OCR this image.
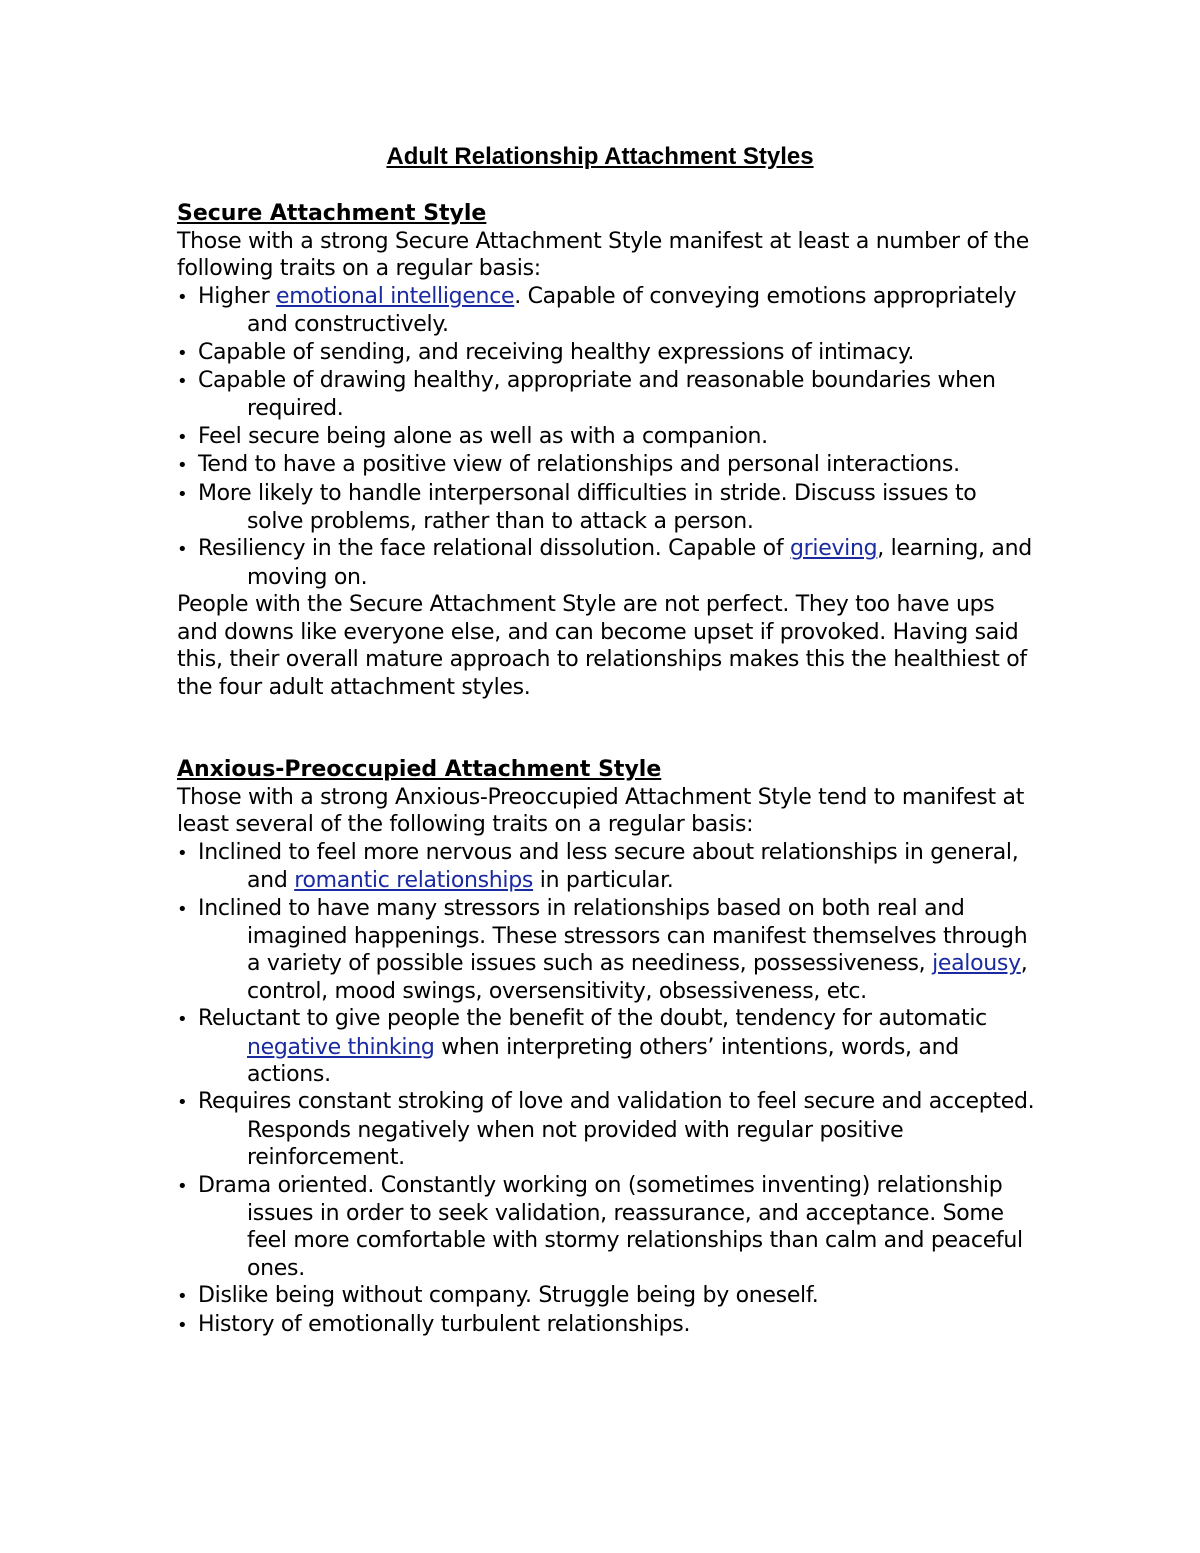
Adult Relationship Attachment Styles
Secure Attachment Style

Those with a strong Secure Attachment Style manifest at least a number of the following traits on a regular basis:

• Higher emotional intelligence. Capable of conveying emotions appropriately and constructively.
• Capable of sending, and receiving healthy expressions of intimacy.
• Capable of drawing healthy, appropriate and reasonable boundaries when required.
• Feel secure being alone as well as with a companion.
• Tend to have a positive view of relationships and personal interactions.
• More likely to handle interpersonal difficulties in stride. Discuss issues to solve problems, rather than to attack a person.
• Resiliency in the face relational dissolution. Capable of grieving, learning, and moving on.

People with the Secure Attachment Style are not perfect. They too have ups and downs like everyone else, and can become upset if provoked. Having said this, their overall mature approach to relationships makes this the healthiest of the four adult attachment styles.

Anxious-Preoccupied Attachment Style

Those with a strong Anxious-Preoccupied Attachment Style tend to manifest at least several of the following traits on a regular basis:

• Inclined to feel more nervous and less secure about relationships in general, and romantic relationships in particular.
• Inclined to have many stressors in relationships based on both real and imagined happenings. These stressors can manifest themselves through a variety of possible issues such as neediness, possessiveness, jealousy, control, mood swings, oversensitivity, obsessiveness, etc.
• Reluctant to give people the benefit of the doubt, tendency for automatic negative thinking when interpreting others’ intentions, words, and actions.
• Requires constant stroking of love and validation to feel secure and accepted. Responds negatively when not provided with regular positive reinforcement.
• Drama oriented. Constantly working on (sometimes inventing) relationship issues in order to seek validation, reassurance, and acceptance. Some feel more comfortable with stormy relationships than calm and peaceful ones.
• Dislike being without company. Struggle being by oneself.
• History of emotionally turbulent relationships.
